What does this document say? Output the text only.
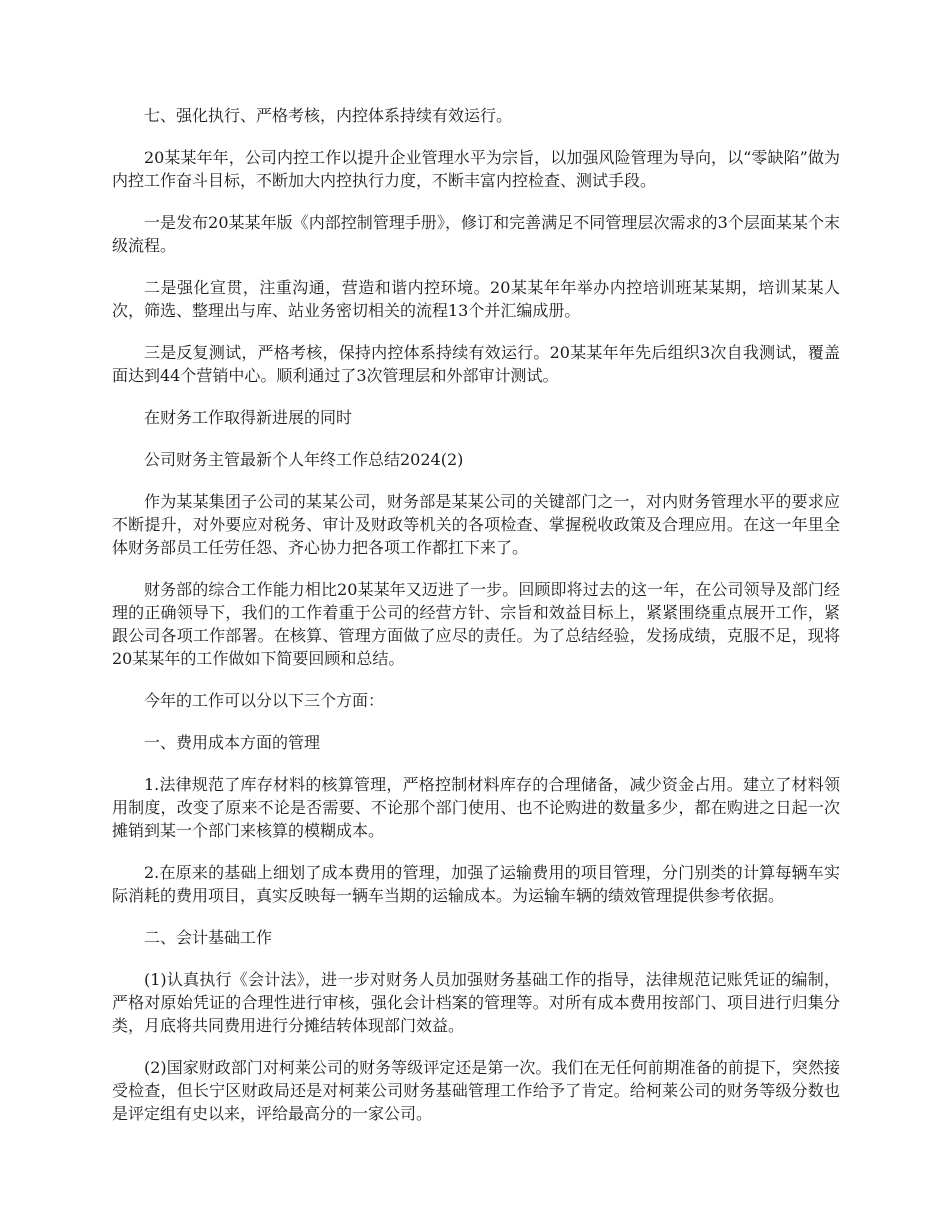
七、强化执行、严格考核，内控体系持续有效运行。

20某某年年，公司内控工作以提升企业管理水平为宗旨，以加强风险管理为导向，以“零缺陷”做为内控工作奋斗目标，不断加大内控执行力度，不断丰富内控检查、测试手段。

一是发布20某某年版《内部控制管理手册》，修订和完善满足不同管理层次需求的3个层面某某个末级流程。

二是强化宣贯，注重沟通，营造和谐内控环境。20某某年年举办内控培训班某某期，培训某某人次，筛选、整理出与库、站业务密切相关的流程13个并汇编成册。

三是反复测试，严格考核，保持内控体系持续有效运行。20某某年年先后组织3次自我测试，覆盖面达到44个营销中心。顺利通过了3次管理层和外部审计测试。

在财务工作取得新进展的同时

公司财务主管最新个人年终工作总结2024(2)

作为某某集团子公司的某某公司，财务部是某某公司的关键部门之一，对内财务管理水平的要求应不断提升，对外要应对税务、审计及财政等机关的各项检查、掌握税收政策及合理应用。在这一年里全体财务部员工任劳任怨、齐心协力把各项工作都扛下来了。

财务部的综合工作能力相比20某某年又迈进了一步。回顾即将过去的这一年，在公司领导及部门经理的正确领导下，我们的工作着重于公司的经营方针、宗旨和效益目标上，紧紧围绕重点展开工作，紧跟公司各项工作部署。在核算、管理方面做了应尽的责任。为了总结经验，发扬成绩，克服不足，现将20某某年的工作做如下简要回顾和总结。

今年的工作可以分以下三个方面：

一、费用成本方面的管理

1.法律规范了库存材料的核算管理，严格控制材料库存的合理储备，减少资金占用。建立了材料领用制度，改变了原来不论是否需要、不论那个部门使用、也不论购进的数量多少，都在购进之日起一次摊销到某一个部门来核算的模糊成本。

2.在原来的基础上细划了成本费用的管理，加强了运输费用的项目管理，分门别类的计算每辆车实际消耗的费用项目，真实反映每一辆车当期的运输成本。为运输车辆的绩效管理提供参考依据。

二、会计基础工作

(1)认真执行《会计法》，进一步对财务人员加强财务基础工作的指导，法律规范记账凭证的编制，严格对原始凭证的合理性进行审核，强化会计档案的管理等。对所有成本费用按部门、项目进行归集分类，月底将共同费用进行分摊结转体现部门效益。

(2)国家财政部门对柯莱公司的财务等级评定还是第一次。我们在无任何前期准备的前提下，突然接受检查，但长宁区财政局还是对柯莱公司财务基础管理工作给予了肯定。给柯莱公司的财务等级分数也是评定组有史以来，评给最高分的一家公司。
